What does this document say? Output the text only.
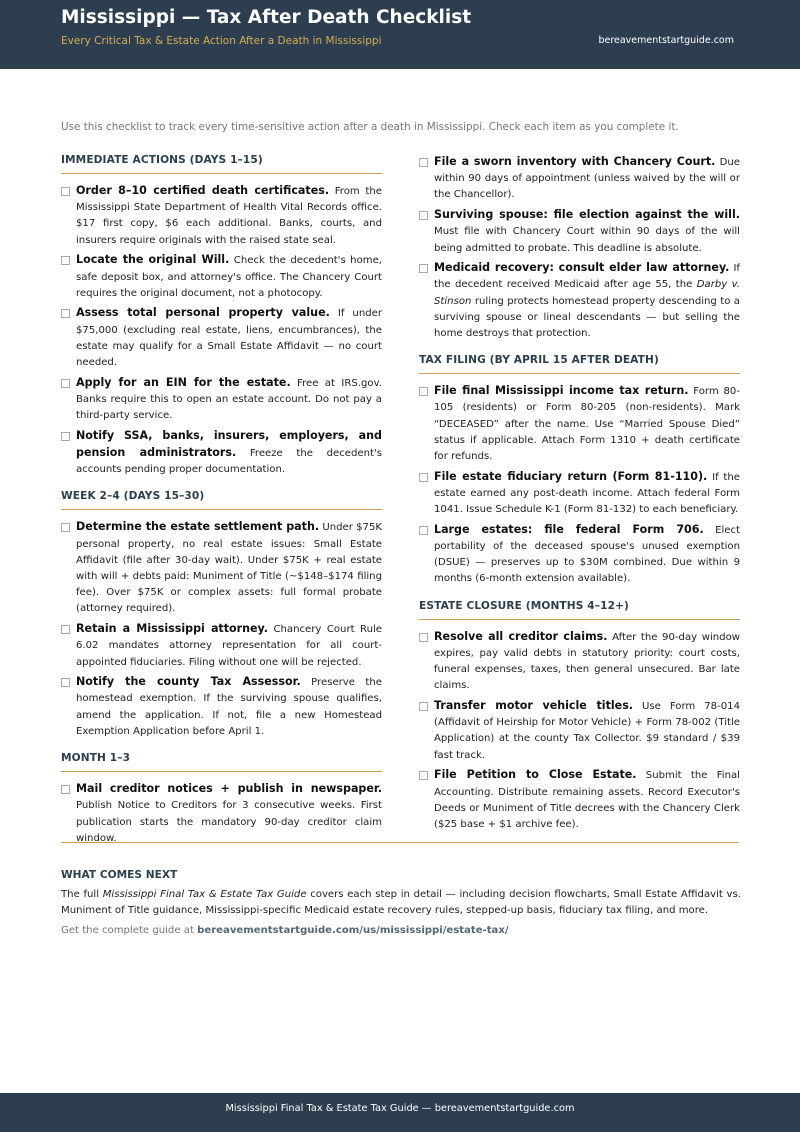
Mississippi — Tax After Death Checklist
Every Critical Tax & Estate Action After a Death in Mississippi	bereavementstartguide.com
Use this checklist to track every time-sensitive action after a death in Mississippi. Check each item as you complete it.
IMMEDIATE ACTIONS (DAYS 1–15)
Order 8–10 certified death certificates. From the Mississippi State Department of Health Vital Records office. $17 first copy, $6 each additional. Banks, courts, and insurers require originals with the raised state seal.
Locate the original Will. Check the decedent's home, safe deposit box, and attorney's office. The Chancery Court requires the original document, not a photocopy.
Assess total personal property value. If under $75,000 (excluding real estate, liens, encumbrances), the estate may qualify for a Small Estate Affidavit — no court needed.
Apply for an EIN for the estate. Free at IRS.gov. Banks require this to open an estate account. Do not pay a third-party service.
Notify SSA, banks, insurers, employers, and pension administrators. Freeze the decedent's accounts pending proper documentation.
WEEK 2–4 (DAYS 15–30)
Determine the estate settlement path. Under $75K personal property, no real estate issues: Small Estate Affidavit (file after 30-day wait). Under $75K + real estate with will + debts paid: Muniment of Title (~$148–$174 filing fee). Over $75K or complex assets: full formal probate (attorney required).
Retain a Mississippi attorney. Chancery Court Rule 6.02 mandates attorney representation for all court-appointed fiduciaries. Filing without one will be rejected.
Notify the county Tax Assessor. Preserve the homestead exemption. If the surviving spouse qualifies, amend the application. If not, file a new Homestead Exemption Application before April 1.
MONTH 1–3
Mail creditor notices + publish in newspaper. Publish Notice to Creditors for 3 consecutive weeks. First publication starts the mandatory 90-day creditor claim window.
File a sworn inventory with Chancery Court. Due within 90 days of appointment (unless waived by the will or the Chancellor).
Surviving spouse: file election against the will. Must file with Chancery Court within 90 days of the will being admitted to probate. This deadline is absolute.
Medicaid recovery: consult elder law attorney. If the decedent received Medicaid after age 55, the Darby v. Stinson ruling protects homestead property descending to a surviving spouse or lineal descendants — but selling the home destroys that protection.
TAX FILING (BY APRIL 15 AFTER DEATH)
File final Mississippi income tax return. Form 80-105 (residents) or Form 80-205 (non-residents). Mark “DECEASED” after the name. Use “Married Spouse Died” status if applicable. Attach Form 1310 + death certificate for refunds.
File estate fiduciary return (Form 81-110). If the estate earned any post-death income. Attach federal Form 1041. Issue Schedule K-1 (Form 81-132) to each beneficiary.
Large estates: file federal Form 706. Elect portability of the deceased spouse's unused exemption (DSUE) — preserves up to $30M combined. Due within 9 months (6-month extension available).
ESTATE CLOSURE (MONTHS 4–12+)
Resolve all creditor claims. After the 90-day window expires, pay valid debts in statutory priority: court costs, funeral expenses, taxes, then general unsecured. Bar late claims.
Transfer motor vehicle titles. Use Form 78-014 (Affidavit of Heirship for Motor Vehicle) + Form 78-002 (Title Application) at the county Tax Collector. $9 standard / $39 fast track.
File Petition to Close Estate. Submit the Final Accounting. Distribute remaining assets. Record Executor's Deeds or Muniment of Title decrees with the Chancery Clerk ($25 base + $1 archive fee).
WHAT COMES NEXT
The full Mississippi Final Tax & Estate Tax Guide covers each step in detail — including decision flowcharts, Small Estate Affidavit vs. Muniment of Title guidance, Mississippi-specific Medicaid estate recovery rules, stepped-up basis, fiduciary tax filing, and more.
Get the complete guide at bereavementstartguide.com/us/mississippi/estate-tax/
Mississippi Final Tax & Estate Tax Guide — bereavementstartguide.com
